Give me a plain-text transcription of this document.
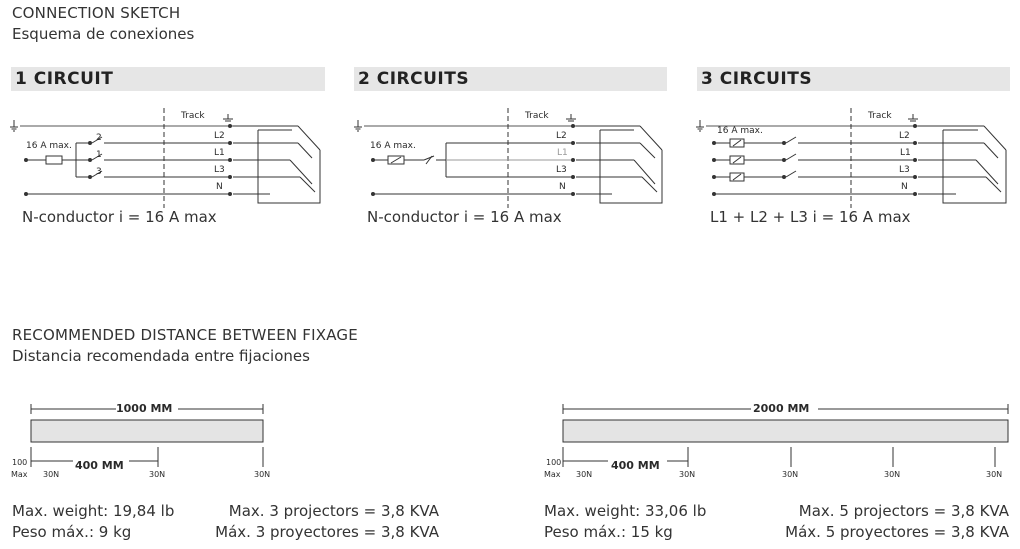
CONNECTION SKETCH
Esquema de conexiones
1 CIRCUIT	2 CIRCUITS	3 CIRCUITS
16 A max.
Track
2
1
3
L2
L1
L3
N
N-conductor i = 16 A max
16 A max.
Track
L2
L1
L3
N
N-conductor i = 16 A max
16 A max.
Track
L2
L1
L3
N
L1 + L2 + L3 i = 16 A max
RECOMMENDED DISTANCE BETWEEN FIXAGE
Distancia recomendada entre fijaciones
1000 MM
400 MM
100
Max 30N	30N	30N
Max. weight: 19,84 lb
Peso máx.: 9 kg
Max. 3 projectors = 3,8 KVA
Máx. 3 proyectores = 3,8 KVA
2000 MM
400 MM
100
Max 30N	30N	30N	30N	30N
Max. weight: 33,06 lb
Peso máx.: 15 kg
Max. 5 projectors = 3,8 KVA
Máx. 5 proyectores = 3,8 KVA
